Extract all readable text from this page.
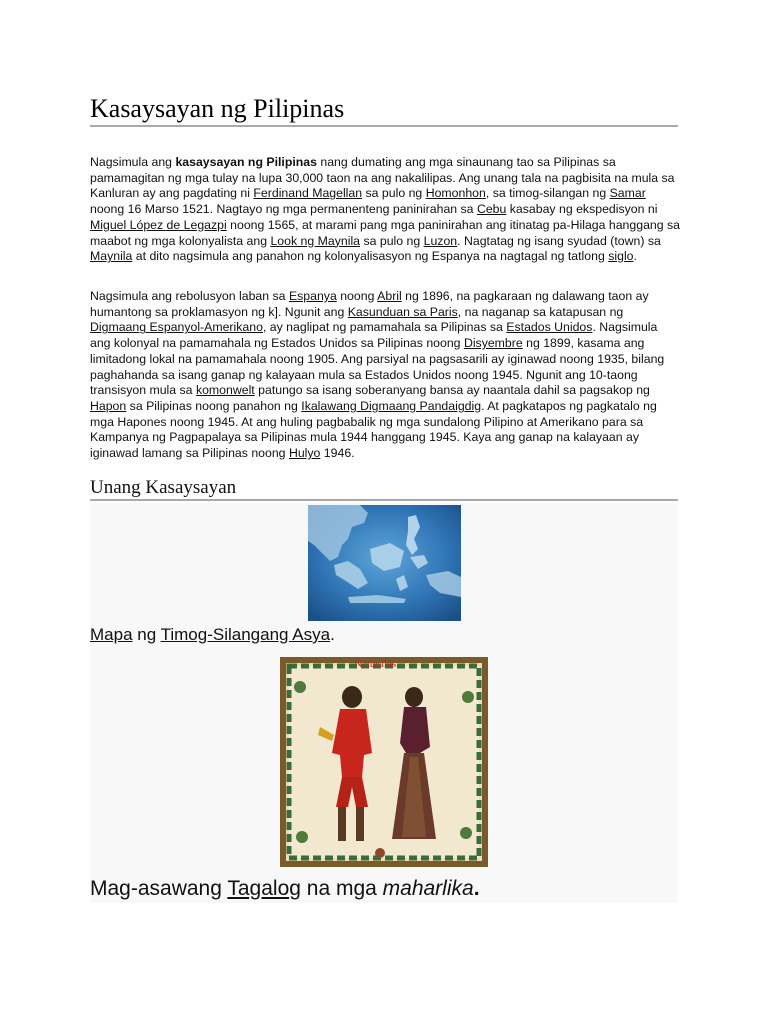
Kasaysayan ng Pilipinas

Nagsimula ang kasaysayan ng Pilipinas nang dumating ang mga sinaunang tao sa Pilipinas sa pamamagitan ng mga tulay na lupa 30,000 taon na ang nakalilipas. Ang unang tala na pagbisita na mula sa Kanluran ay ang pagdating ni Ferdinand Magellan sa pulo ng Homonhon, sa timog-silangan ng Samar noong 16 Marso 1521. Nagtayo ng mga permanenteng paninirahan sa Cebu kasabay ng ekspedisyon ni Miguel López de Legazpi noong 1565, at marami pang mga paninirahan ang itinatag pa-Hilaga hanggang sa maabot ng mga kolonyalista ang Look ng Maynila sa pulo ng Luzon. Nagtatag ng isang syudad (town) sa Maynila at dito nagsimula ang panahon ng kolonyalisasyon ng Espanya na nagtagal ng tatlong siglo.

Nagsimula ang rebolusyon laban sa Espanya noong Abril ng 1896, na pagkaraan ng dalawang taon ay humantong sa proklamasyon ng k]. Ngunit ang Kasunduan sa Paris, na naganap sa katapusan ng Digmaang Espanyol-Amerikano, ay naglipat ng pamamahala sa Pilipinas sa Estados Unidos. Nagsimula ang kolonyal na pamamahala ng Estados Unidos sa Pilipinas noong Disyembre ng 1899, kasama ang limitadong lokal na pamamahala noong 1905. Ang parsiyal na pagsasarili ay iginawad noong 1935, bilang paghahanda sa isang ganap ng kalayaan mula sa Estados Unidos noong 1945. Ngunit ang 10-taong transisyon mula sa komonwelt patungo sa isang soberanyang bansa ay naantala dahil sa pagsakop ng Hapon sa Pilipinas noong panahon ng Ikalawang Digmaang Pandaigdig. At pagkatapos ng pagkatalo ng mga Hapones noong 1945. At ang huling pagbabalik ng mga sundalong Pilipino at Amerikano para sa Kampanya ng Pagpapalaya sa Pilipinas mula 1944 hanggang 1945. Kaya ang ganap na kalayaan ay iginawad lamang sa Pilipinas noong Hulyo 1946.

Unang Kasaysayan

Mapa ng Timog-Silangang Asya.

Naturales

Mag-asawang Tagalog na mga maharlika.
